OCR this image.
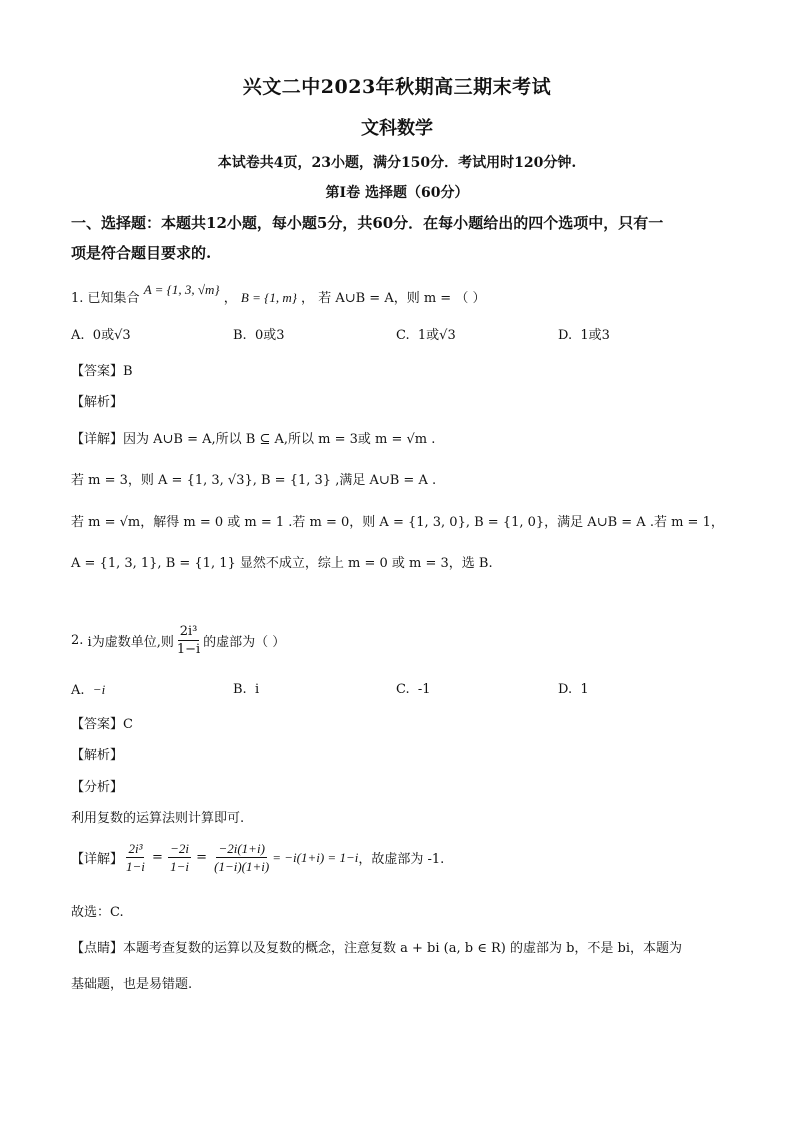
兴文二中2023年秋期高三期末考试
文科数学
本试卷共4页，23小题，满分150分．考试用时120分钟.
第I卷 选择题（60分）
一、选择题：本题共12小题，每小题5分，共60分．在每小题给出的四个选项中，只有一
项是符合题目要求的.
1. 已知集合 A = {1, 3, √m} ， B = {1, m} ， 若 A∪B = A，则 m = （ ）
A. 0或√3	B. 0或3	C. 1或√3	D. 1或3
【答案】B
【解析】
【详解】因为 A∪B = A,所以 B ⊆ A,所以 m = 3或 m = √m .
若 m = 3，则 A = {1, 3, √3}, B = {1, 3} ,满足 A∪B = A .
若 m = √m，解得 m = 0 或 m = 1 .若 m = 0，则 A = {1, 3, 0}, B = {1, 0}，满足 A∪B = A .若 m = 1，
A = {1, 3, 1}, B = {1, 1} 显然不成立，综上 m = 0 或 m = 3，选 B.
2.
i为虚数单位,则 $\frac{\text{2i³}}{1-i}$ 的虚部为（ ）
A. −i	B. i	C. -1	D. 1
【答案】C
【解析】
【分析】
利用复数的运算法则计算即可.
【详解】 $\frac{\text{2i³}}{1-i} = \frac{-2i}{1-i} = \frac{-2i(1+i)}{(1-i)(1+i)} = -i(1+i) = 1-i$ ，故虚部为 -1.
故选：C.
【点睛】本题考查复数的运算以及复数的概念，注意复数 a + bi (a, b ∈ R) 的虚部为 b，不是 bi，本题为
基础题，也是易错题.
